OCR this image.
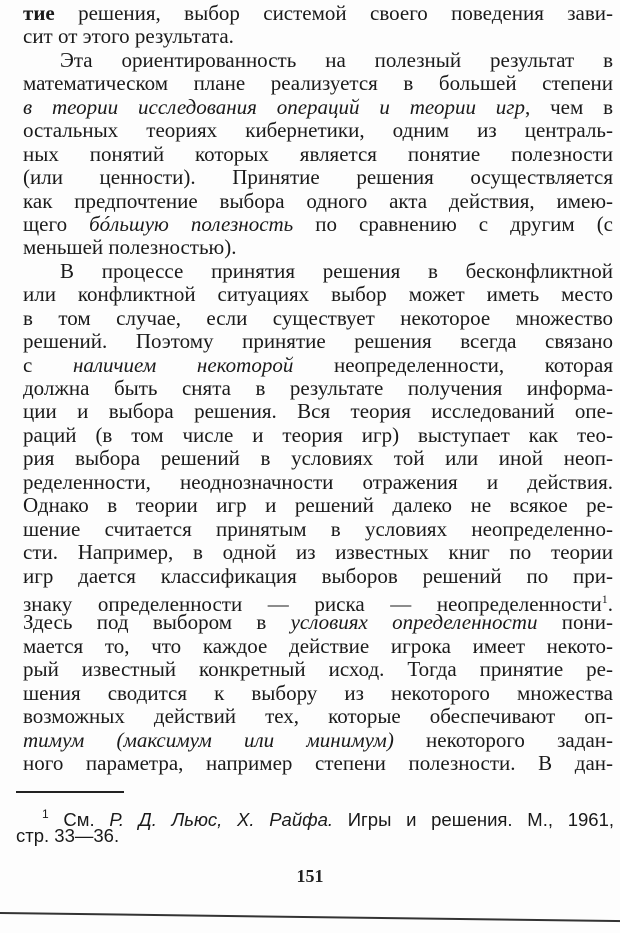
тие решения, выбор системой своего поведения зави-
сит от этого результата.
Эта ориентированность на полезный результат в
математическом плане реализуется в большей степени
в теории исследования операций и теории игр, чем в
остальных теориях кибернетики, одним из централь-
ных понятий которых является понятие полезности
(или ценности). Принятие решения осуществляется
как предпочтение выбора одного акта действия, имею-
щего бóльшую полезность по сравнению с другим (с
меньшей полезностью).
В процессе принятия решения в бесконфликтной
или конфликтной ситуациях выбор может иметь место
в том случае, если существует некоторое множество
решений. Поэтому принятие решения всегда связано
с наличием некоторой неопределенности, которая
должна быть снята в результате получения информа-
ции и выбора решения. Вся теория исследований опе-
раций (в том числе и теория игр) выступает как тео-
рия выбора решений в условиях той или иной неоп-
ределенности, неоднозначности отражения и действия.
Однако в теории игр и решений далеко не всякое ре-
шение считается принятым в условиях неопределенно-
сти. Например, в одной из известных книг по теории
игр дается классификация выборов решений по при-
знаку определенности — риска — неопределенности$^1$.
Здесь под выбором в условиях определенности пони-
мается то, что каждое действие игрока имеет некото-
рый известный конкретный исход. Тогда принятие ре-
шения сводится к выбору из некоторого множества
возможных действий тех, которые обеспечивают оп-
тимум (максимум или минимум) некоторого задан-
ного параметра, например степени полезности. В дан-
$^1$ См. Р. Д. Льюс, Х. Райфа. Игры и решения. М., 1961,
стр. 33—36.
151
